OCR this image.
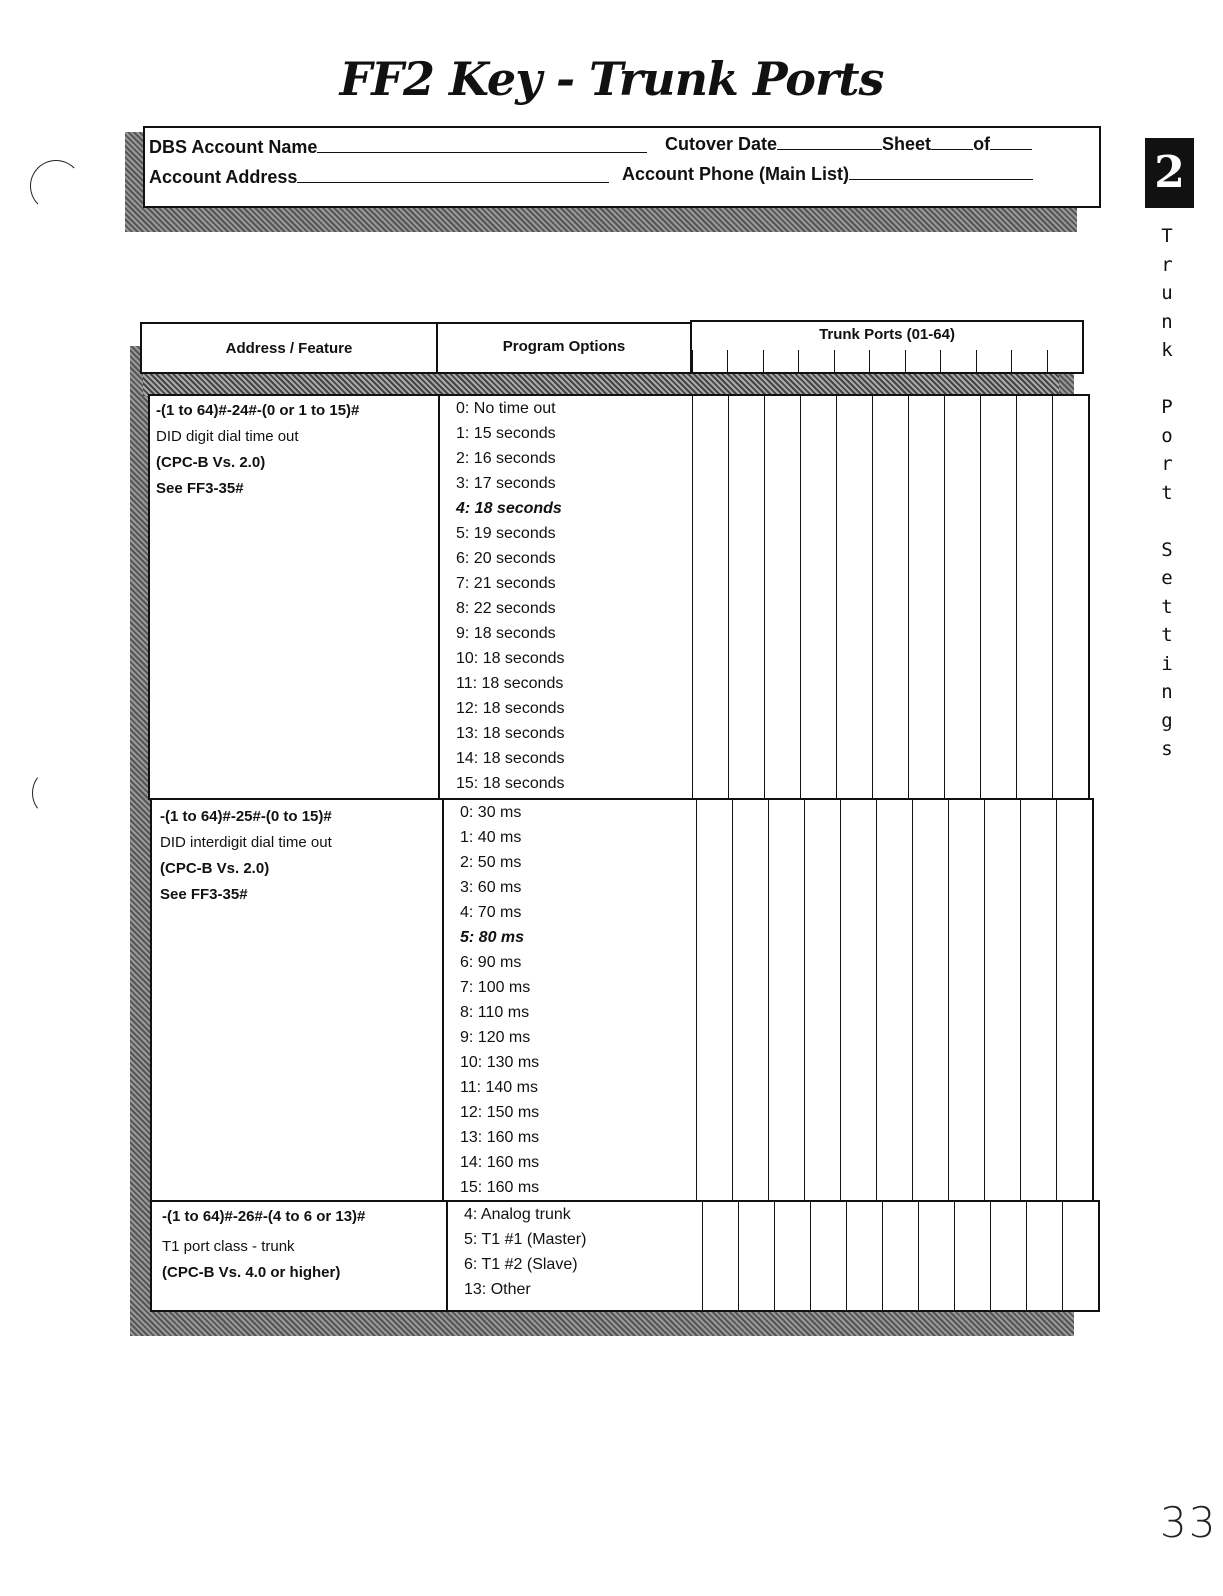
FF2 Key - Trunk Ports
DBS Account Name	Cutover Date	Sheet of
Account Address	Account Phone (Main List)	2
T
r
u
n
k
P
o
r
t
S
e
t
t
i
n
g
s
Address / Feature	Program Options
Trunk Ports (01-64)
-(1 to 64)#-24#-(0 or 1 to 15)#
DID digit dial time out
(CPC-B Vs. 2.0)
See FF3-35#
0: No time out
1: 15 seconds
2: 16 seconds
3: 17 seconds
4: 18 seconds
5: 19 seconds
6: 20 seconds
7: 21 seconds
8: 22 seconds
9: 18 seconds
10: 18 seconds
11: 18 seconds
12: 18 seconds
13: 18 seconds
14: 18 seconds
15: 18 seconds
-(1 to 64)#-25#-(0 to 15)#
DID interdigit dial time out
(CPC-B Vs. 2.0)
See FF3-35#
0: 30 ms
1: 40 ms
2: 50 ms
3: 60 ms
4: 70 ms
5: 80 ms
6: 90 ms
7: 100 ms
8: 110 ms
9: 120 ms
10: 130 ms
11: 140 ms
12: 150 ms
13: 160 ms
14: 160 ms
15: 160 ms
-(1 to 64)#-26#-(4 to 6 or 13)#
T1 port class - trunk
(CPC-B Vs. 4.0 or higher)
4: Analog trunk
5: T1 #1 (Master)
6: T1 #2 (Slave)
13: Other
33
